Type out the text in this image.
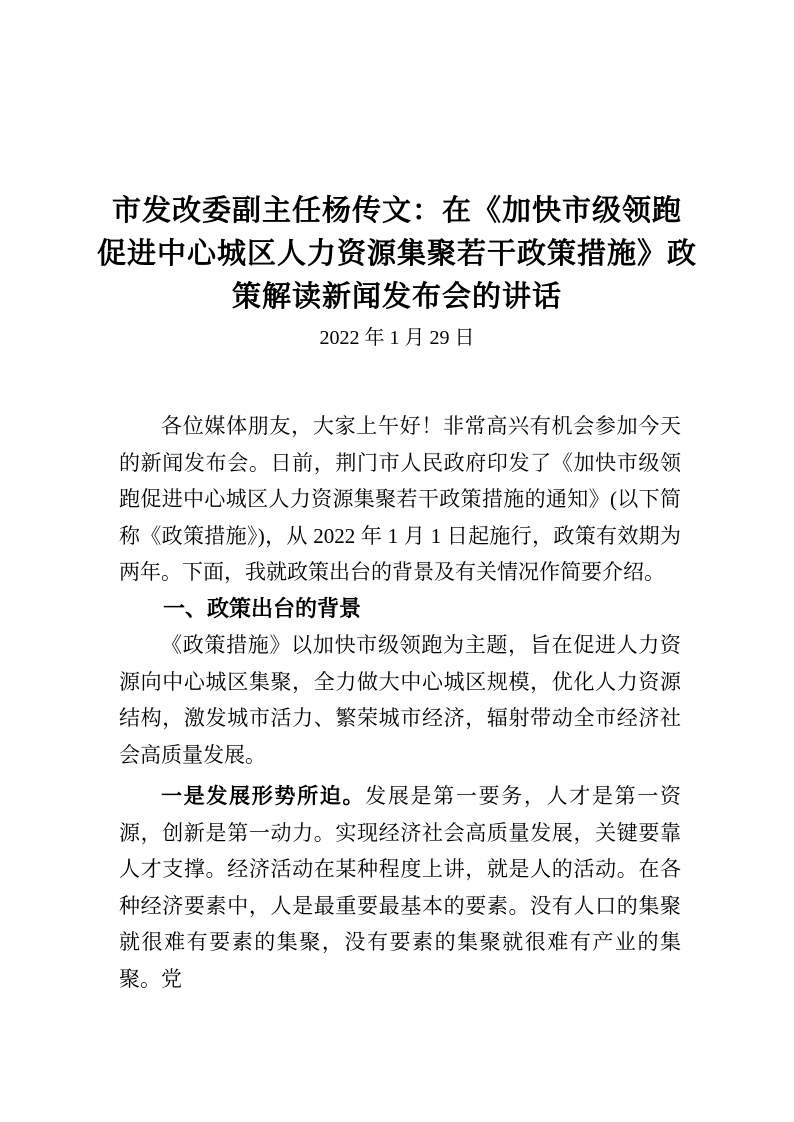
市发改委副主任杨传文：在《加快市级领跑
促进中心城区人力资源集聚若干政策措施》政
策解读新闻发布会的讲话
2022 年 1 月 29 日

各位媒体朋友，大家上午好！非常高兴有机会参加今天的新闻发布会。日前，荆门市人民政府印发了《加快市级领跑促进中心城区人力资源集聚若干政策措施的通知》(以下简称《政策措施》)，从 2022 年 1 月 1 日起施行，政策有效期为两年。下面，我就政策出台的背景及有关情况作简要介绍。

一、政策出台的背景

《政策措施》以加快市级领跑为主题，旨在促进人力资源向中心城区集聚，全力做大中心城区规模，优化人力资源结构，激发城市活力、繁荣城市经济，辐射带动全市经济社会高质量发展。

一是发展形势所迫。发展是第一要务，人才是第一资源，创新是第一动力。实现经济社会高质量发展，关键要靠人才支撑。经济活动在某种程度上讲，就是人的活动。在各种经济要素中，人是最重要最基本的要素。没有人口的集聚就很难有要素的集聚，没有要素的集聚就很难有产业的集聚。党
